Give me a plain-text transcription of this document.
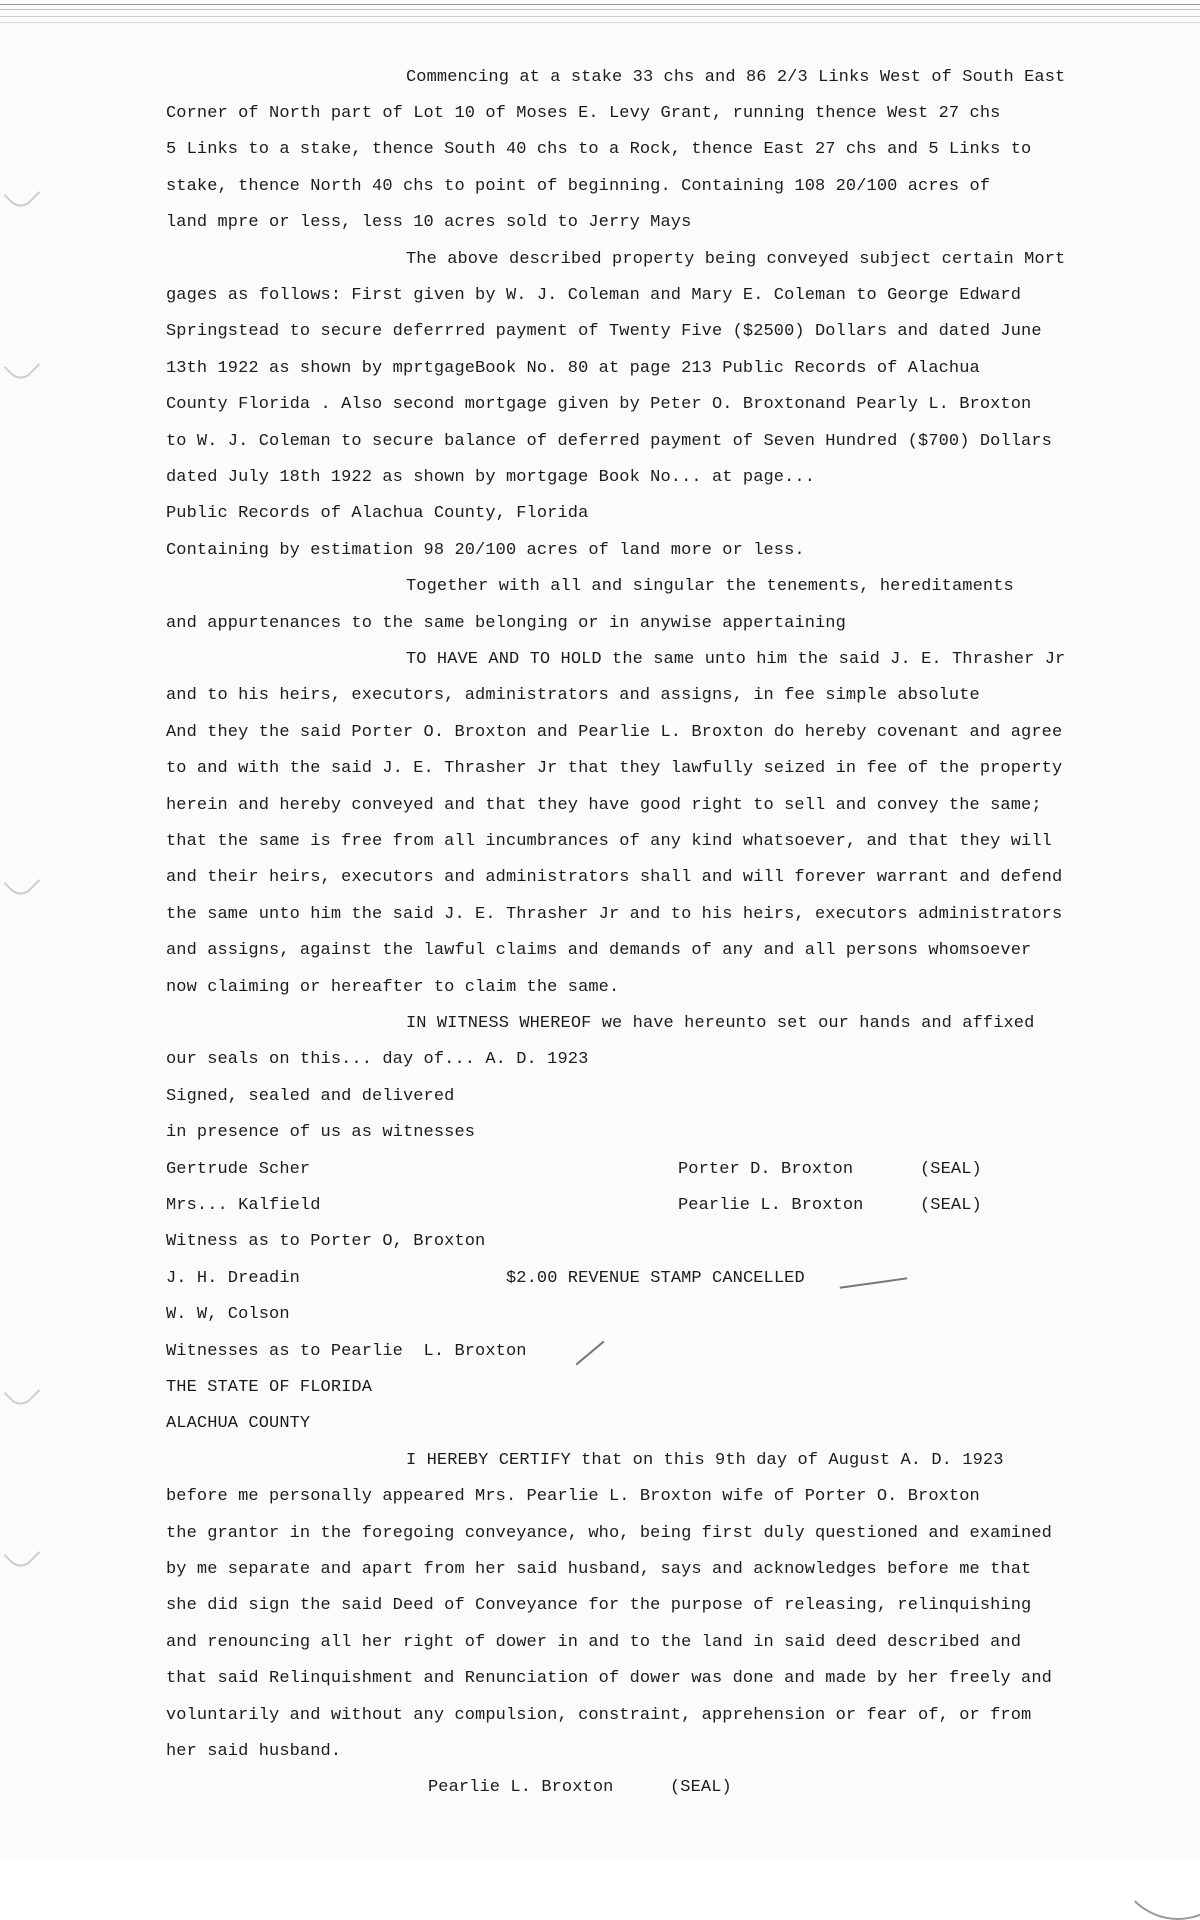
Commencing at a stake 33 chs and 86 2/3 Links West of South East
Corner of North part of Lot 10 of Moses E. Levy Grant, running thence West 27 chs
5 Links to a stake, thence South 40 chs to a Rock, thence East 27 chs and 5 Links to
stake, thence North 40 chs to point of beginning. Containing 108 20/100 acres of
land mpre or less, less 10 acres sold to Jerry Mays
The above described property being conveyed subject certain Mort
gages as follows: First given by W. J. Coleman and Mary E. Coleman to George Edward
Springstead to secure deferrred payment of Twenty Five ($2500) Dollars and dated June
13th 1922 as shown by mprtgageBook No. 80 at page 213 Public Records of Alachua
County Florida . Also second mortgage given by Peter O. Broxtonand Pearly L. Broxton
to W. J. Coleman to secure balance of deferred payment of Seven Hundred ($700) Dollars
dated July 18th 1922 as shown by mortgage Book No... at page...
Public Records of Alachua County, Florida
Containing by estimation 98 20/100 acres of land more or less.
Together with all and singular the tenements, hereditaments
and appurtenances to the same belonging or in anywise appertaining
TO HAVE AND TO HOLD the same unto him the said J. E. Thrasher Jr
and to his heirs, executors, administrators and assigns, in fee simple absolute
And they the said Porter O. Broxton and Pearlie L. Broxton do hereby covenant and agree
to and with the said J. E. Thrasher Jr that they lawfully seized in fee of the property
herein and hereby conveyed and that they have good right to sell and convey the same;
that the same is free from all incumbrances of any kind whatsoever, and that they will
and their heirs, executors and administrators shall and will forever warrant and defend
the same unto him the said J. E. Thrasher Jr and to his heirs, executors administrators
and assigns, against the lawful claims and demands of any and all persons whomsoever
now claiming or hereafter to claim the same.
IN WITNESS WHEREOF we have hereunto set our hands and affixed
our seals on this... day of... A. D. 1923
Signed, sealed and delivered
in presence of us as witnesses
Gertrude Scher	Porter D. Broxton	(SEAL)
Mrs... Kalfield	Pearlie L. Broxton	(SEAL)
Witness as to Porter O, Broxton
J. H. Dreadin	$2.00 REVENUE STAMP CANCELLED
W. W, Colson
Witnesses as to Pearlie  L. Broxton
THE STATE OF FLORIDA
ALACHUA COUNTY
I HEREBY CERTIFY that on this 9th day of August A. D. 1923
before me personally appeared Mrs. Pearlie L. Broxton wife of Porter O. Broxton
the grantor in the foregoing conveyance, who, being first duly questioned and examined
by me separate and apart from her said husband, says and acknowledges before me that
she did sign the said Deed of Conveyance for the purpose of releasing, relinquishing
and renouncing all her right of dower in and to the land in said deed described and
that said Relinquishment and Renunciation of dower was done and made by her freely and
voluntarily and without any compulsion, constraint, apprehension or fear of, or from
her said husband.
Pearlie L. Broxton	(SEAL)
